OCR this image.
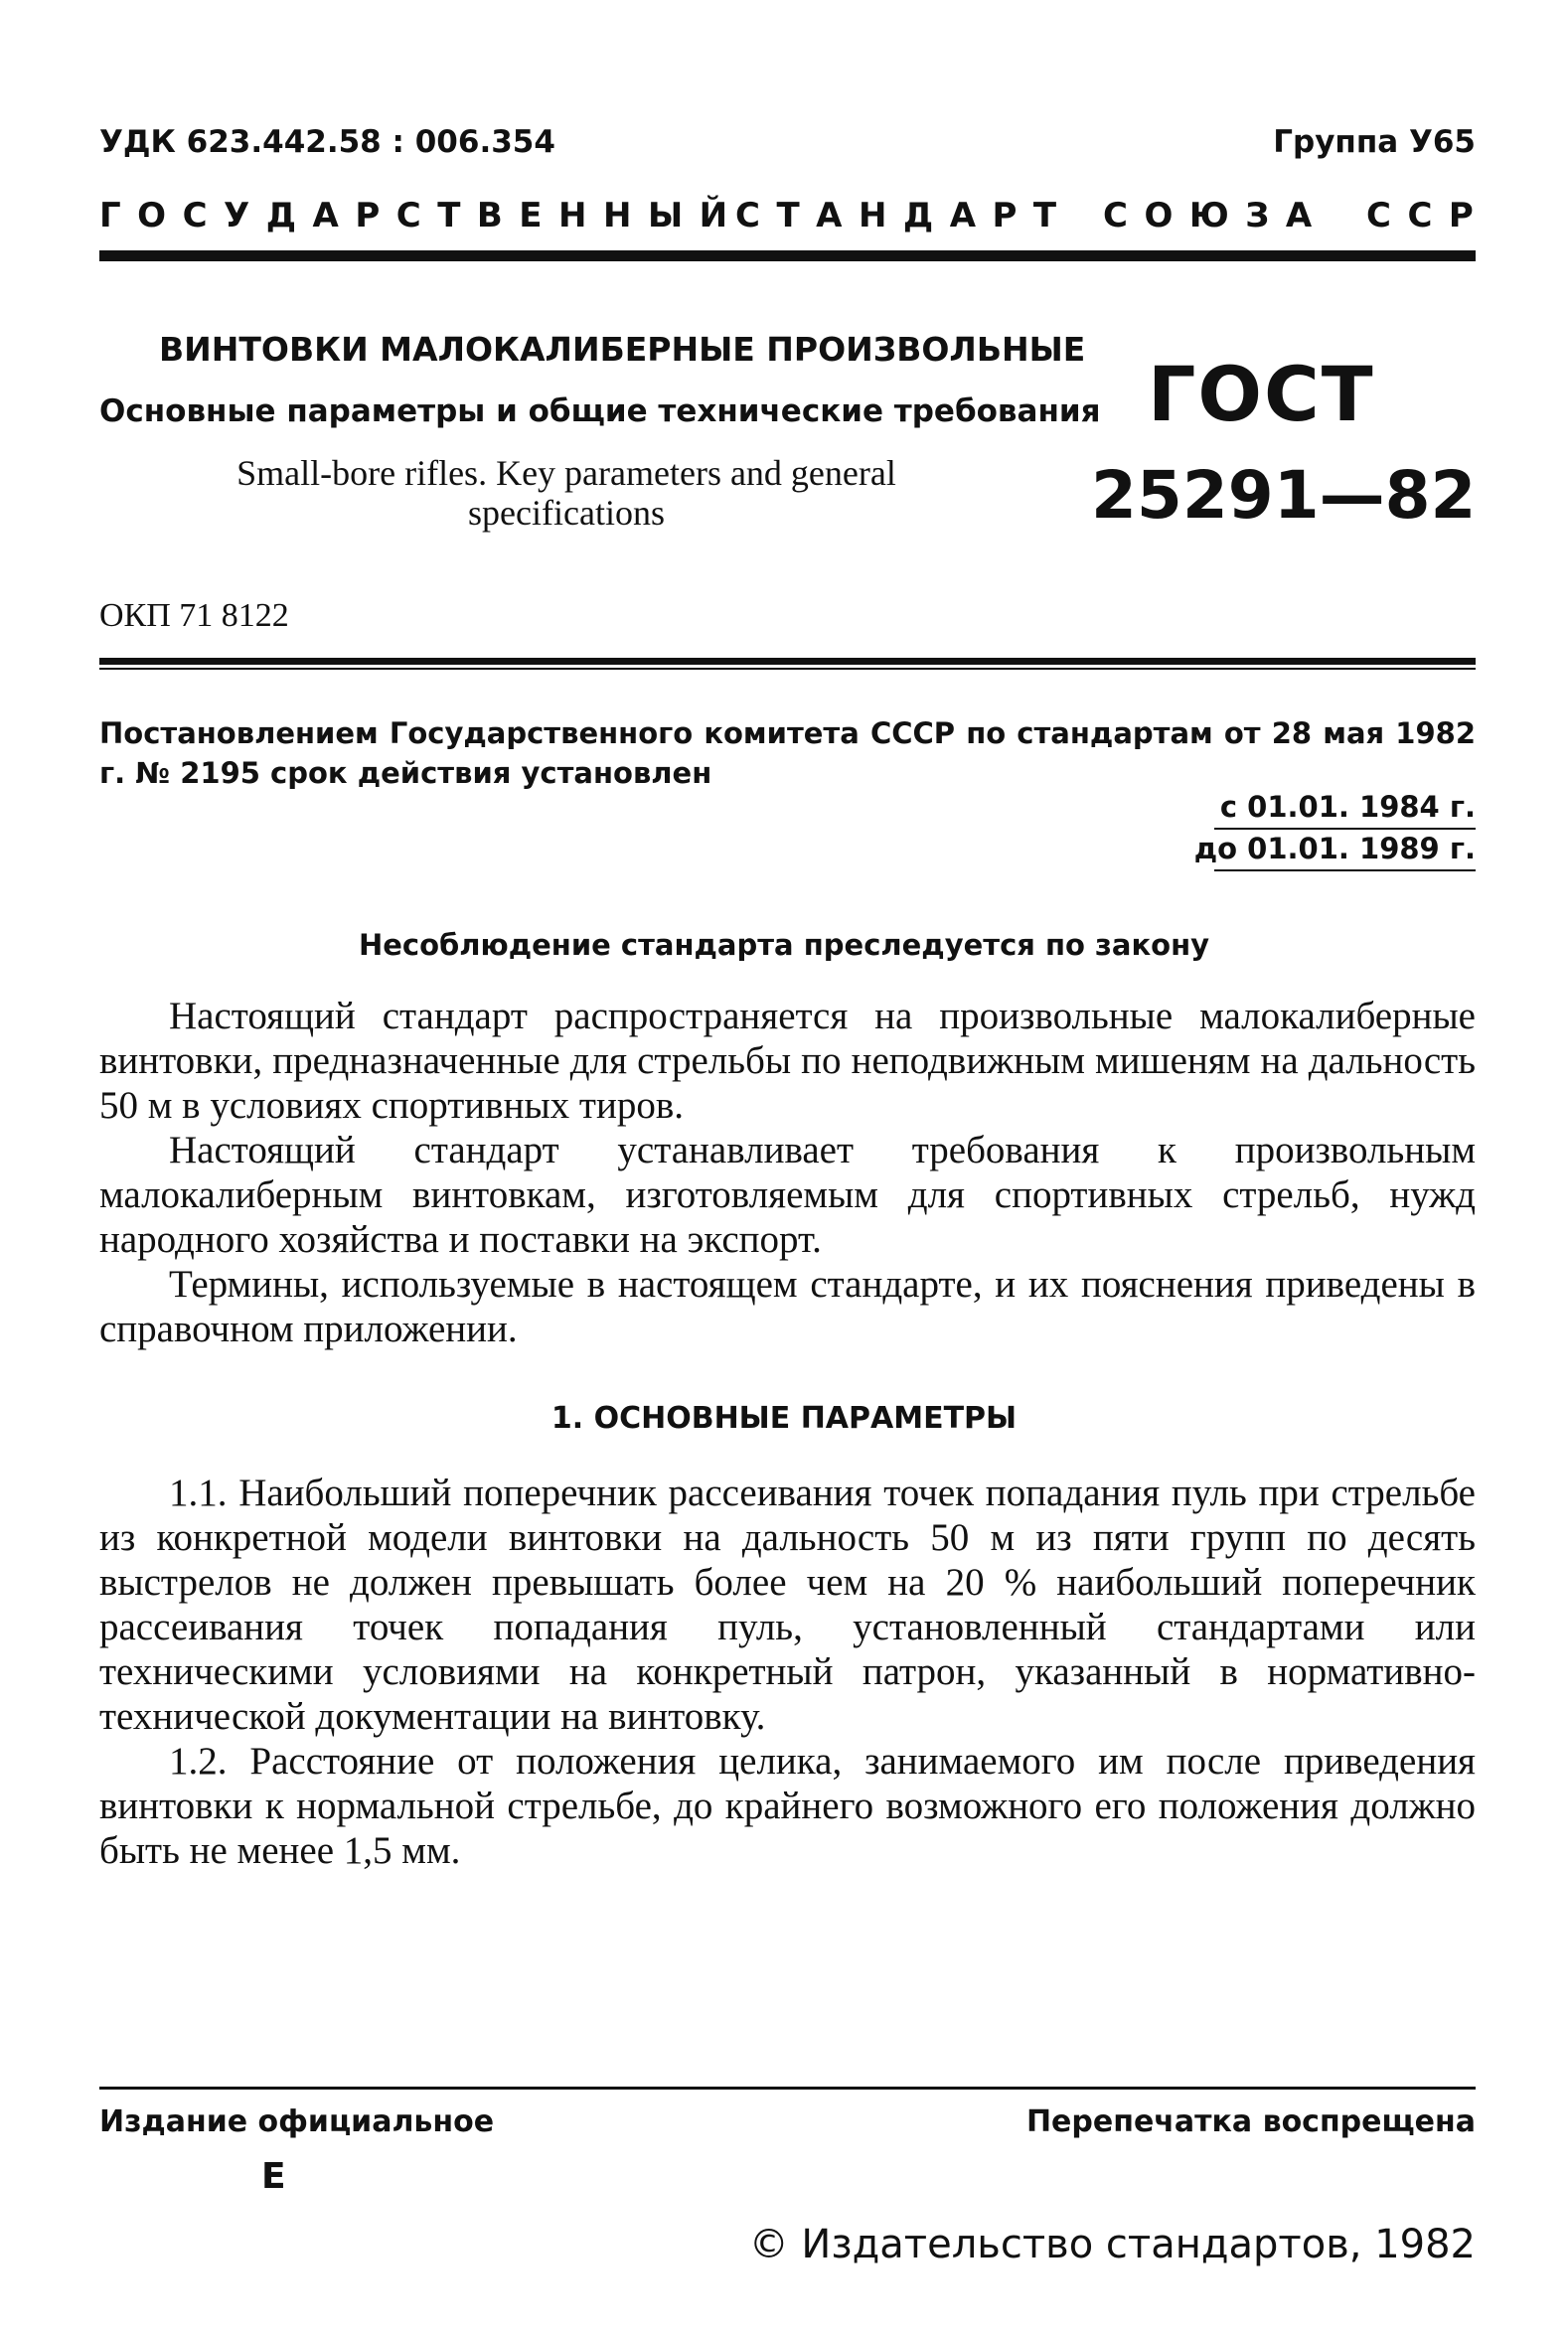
УДК 623.442.58 : 006.354	Группа У65
ГОСУДАРСТВЕННЫЙ
СТАНДАРТ СОЮЗА ССР
ВИНТОВКИ МАЛОКАЛИБЕРНЫЕ ПРОИЗВОЛЬНЫЕ
Основные параметры и общие технические требования
Small-bore rifles. Key parameters and general
specifications
ГОСТ
25291—82
ОКП 71 8122
Постановлением Государственного комитета СССР по стандартам от 28 мая 1982 г. № 2195 срок действия установлен
с 01.01. 1984 г.
до 01.01. 1989 г.
Несоблюдение стандарта преследуется по закону

Настоящий стандарт распространяется на произвольные малокалиберные винтовки, предназначенные для стрельбы по неподвижным мишеням на дальность 50 м в условиях спортивных тиров.

Настоящий стандарт устанавливает требования к произвольным малокалиберным винтовкам, изготовляемым для спортивных стрельб, нужд народного хозяйства и поставки на экспорт.

Термины, используемые в настоящем стандарте, и их пояснения приведены в справочном приложении.

1. ОСНОВНЫЕ ПАРАМЕТРЫ

1.1. Наибольший поперечник рассеивания точек попадания пуль при стрельбе из конкретной модели винтовки на дальность 50 м из пяти групп по десять выстрелов не должен превышать более чем на 20 % наибольший поперечник рассеивания точек попадания пуль, установленный стандартами или техническими условиями на конкретный патрон, указанный в нормативно-технической документации на винтовку.

1.2. Расстояние от положения целика, занимаемого им после приведения винтовки к нормальной стрельбе, до крайнего возможного его положения должно быть не менее 1,5 мм.

Издание официальное	Перепечатка воспрещена
Е
© Издательство стандартов, 1982
